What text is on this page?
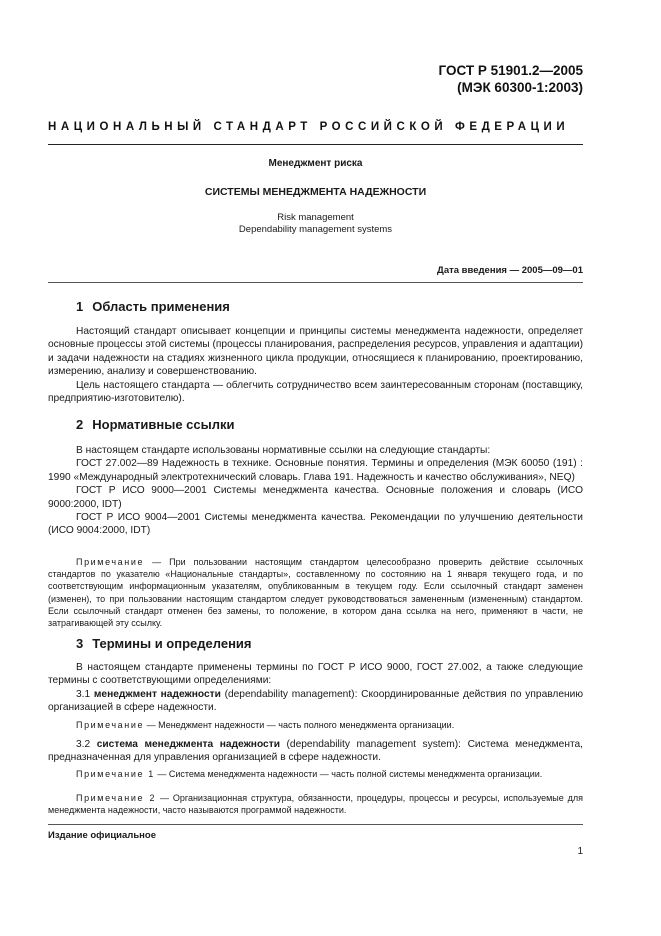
ГОСТ Р 51901.2—2005
(МЭК 60300-1:2003)
НАЦИОНАЛЬНЫЙ СТАНДАРТ РОССИЙСКОЙ ФЕДЕРАЦИИ
Менеджмент риска
СИСТЕМЫ МЕНЕДЖМЕНТА НАДЕЖНОСТИ
Risk management
Dependability management systems
Дата введения — 2005—09—01
1 Область применения

Настоящий стандарт описывает концепции и принципы системы менеджмента надежности, определяет основные процессы этой системы (процессы планирования, распределения ресурсов, управления и адаптации) и задачи надежности на стадиях жизненного цикла продукции, относящиеся к планированию, проектированию, измерению, анализу и совершенствованию.

Цель настоящего стандарта — облегчить сотрудничество всем заинтересованным сторонам (поставщику, предприятию-изготовителю).

2 Нормативные ссылки

В настоящем стандарте использованы нормативные ссылки на следующие стандарты:

ГОСТ 27.002—89 Надежность в технике. Основные понятия. Термины и определения (МЭК 60050 (191) : 1990 «Международный электротехнический словарь. Глава 191. Надежность и качество обслуживания», NEQ)

ГОСТ Р ИСО 9000—2001 Системы менеджмента качества. Основные положения и словарь (ИСО 9000:2000, IDT)

ГОСТ Р ИСО 9004—2001 Системы менеджмента качества. Рекомендации по улучшению деятельности (ИСО 9004:2000, IDT)

Примечание — При пользовании настоящим стандартом целесообразно проверить действие ссылочных стандартов по указателю «Национальные стандарты», составленному по состоянию на 1 января текущего года, и по соответствующим информационным указателям, опубликованным в текущем году. Если ссылочный стандарт заменен (изменен), то при пользовании настоящим стандартом следует руководствоваться замененным (измененным) стандартом. Если ссылочный стандарт отменен без замены, то положение, в котором дана ссылка на него, применяют в части, не затрагивающей эту ссылку.

3 Термины и определения

В настоящем стандарте применены термины по ГОСТ Р ИСО 9000, ГОСТ 27.002, а также следующие термины с соответствующими определениями:

3.1 менеджмент надежности (dependability management): Скоординированные действия по управлению организацией в сфере надежности.

Примечание — Менеджмент надежности — часть полного менеджмента организации.

3.2 система менеджмента надежности (dependability management system): Система менеджмента, предназначенная для управления организацией в сфере надежности.

Примечание 1 — Система менеджмента надежности — часть полной системы менеджмента организации.

Примечание 2 — Организационная структура, обязанности, процедуры, процессы и ресурсы, используемые для менеджмента надежности, часто называются программой надежности.

Издание официальное
1
